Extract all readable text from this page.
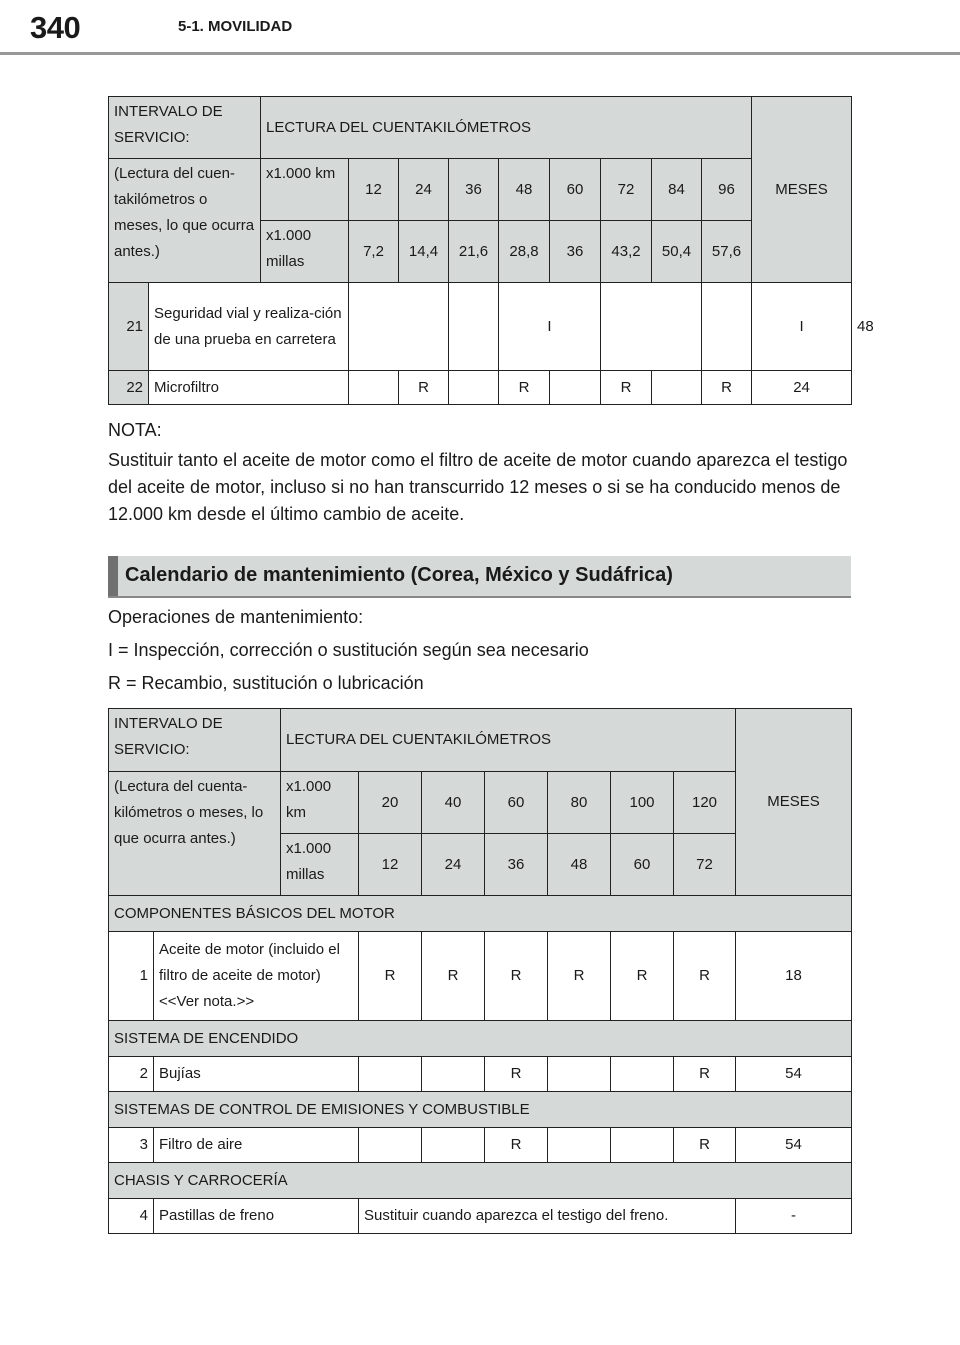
340	5-1. MOVILIDAD
INTERVALO DE SERVICIO:		LECTURA DEL CUENTAKILÓMETROS									MESES	
(Lectura del cuen-takilómetros o meses, lo que ocurra antes.)		x1.000 km	12	24	36	48	60	72	84	96		
		x1.000 millas	7,2	14,4	21,6	28,8	36	43,2	50,4	57,6		
21	Seguridad vial y realiza-ción de una prueba en carretera					I					I	48
22	Microfiltro			R		R		R		R	24	
NOTA:
Sustituir tanto el aceite de motor como el filtro de aceite de motor cuando aparezca el testigo del aceite de motor, incluso si no han transcurrido 12 meses o si se ha conducido menos de 12.000 km desde el último cambio de aceite.
Calendario de mantenimiento (Corea, México y Sudáfrica)
Operaciones de mantenimiento:
I = Inspección, corrección o sustitución según sea necesario
R = Recambio, sustitución o lubricación
INTERVALO DE SERVICIO:		LECTURA DEL CUENTAKILÓMETROS							MESES
(Lectura del cuenta-kilómetros o meses, lo que ocurra antes.)		x1.000 km	20	40	60	80	100	120	
		x1.000 millas	12	24	36	48	60	72	
COMPONENTES BÁSICOS DEL MOTOR									
1	Aceite de motor (incluido el filtro de aceite de motor) <<Ver nota.>>		R	R	R	R	R	R	18
SISTEMA DE ENCENDIDO									
2	Bujías				R			R	54
SISTEMAS DE CONTROL DE EMISIONES Y COMBUSTIBLE									
3	Filtro de aire				R			R	54
CHASIS Y CARROCERÍA									
4	Pastillas de freno		Sustituir cuando aparezca el testigo del freno.						-
